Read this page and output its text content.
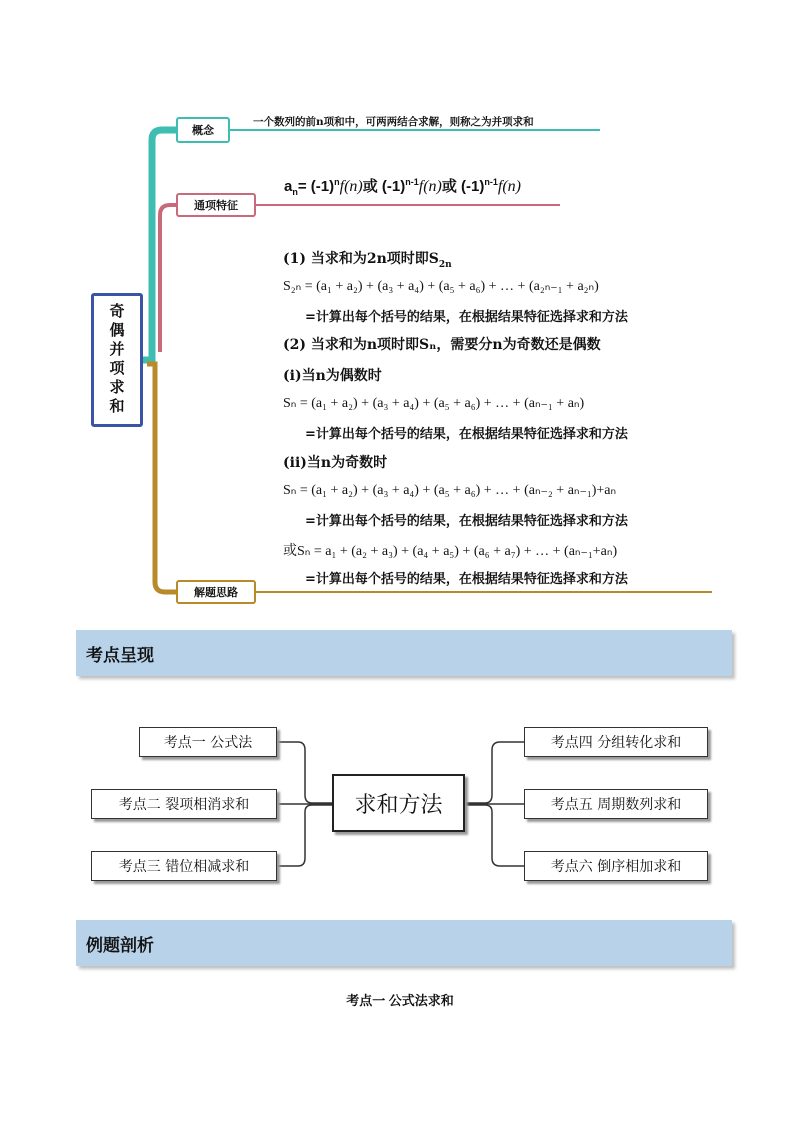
奇偶并项求和
概念
通项特征
解题思路
一个数列的前n项和中，可两两结合求解，则称之为并项求和
$a_n= (-1)^nf(n)$或 $(-1)^{n-1}f(n)$或 $(-1)^{n-1}f(n)$
(1) 当求和为2n项时即$S_{2n}$
S₂ₙ = (a₁ + a₂) + (a₃ + a₄) + (a₅ + a₆) + … + (a₂ₙ₋₁ + a₂ₙ)
=计算出每个括号的结果，在根据结果特征选择求和方法
(2) 当求和为n项时即Sₙ，需要分n为奇数还是偶数
(i)当n为偶数时
Sₙ = (a₁ + a₂) + (a₃ + a₄) + (a₅ + a₆) + … + (aₙ₋₁ + aₙ)
=计算出每个括号的结果，在根据结果特征选择求和方法
(ii)当n为奇数时
Sₙ = (a₁ + a₂) + (a₃ + a₄) + (a₅ + a₆) + … + (aₙ₋₂ + aₙ₋₁)+aₙ
=计算出每个括号的结果，在根据结果特征选择求和方法
或Sₙ = a₁ + (a₂ + a₃) + (a₄ + a₅) + (a₆ + a₇) + … + (aₙ₋₁+aₙ)
=计算出每个括号的结果，在根据结果特征选择求和方法
考点呈现
考点一 公式法
考点二 裂项相消求和
考点三 错位相减求和
求和方法
考点四 分组转化求和
考点五 周期数列求和
考点六 倒序相加求和
例题剖析
考点一 公式法求和
